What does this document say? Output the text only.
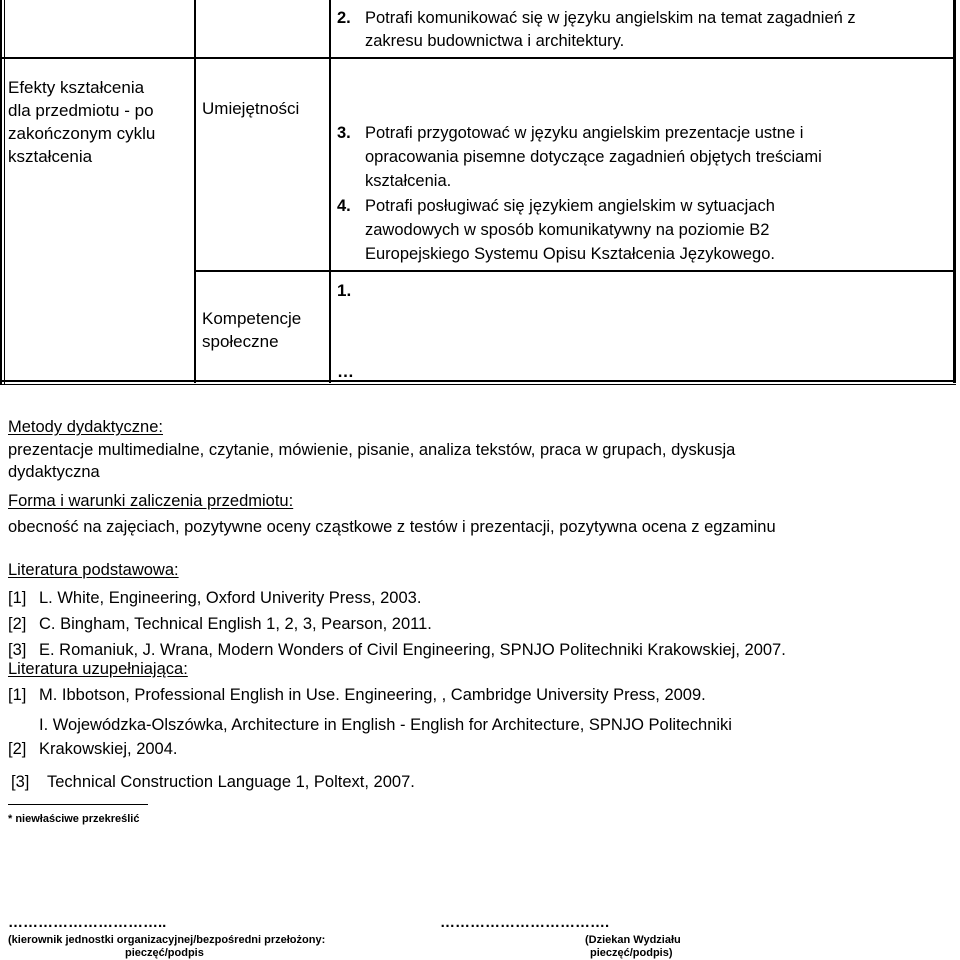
Efekty kształcenia
dla przedmiotu - po
zakończonym cyklu
kształcenia
Umiejętności
Kompetencje
społeczne
2. Potrafi komunikować się w języku angielskim na temat zagadnień z
zakresu budownictwa i architektury.
3. Potrafi przygotować w języku angielskim prezentacje ustne i
opracowania pisemne dotyczące zagadnień objętych treściami
kształcenia.
4. Potrafi posługiwać się językiem angielskim w sytuacjach
zawodowych w sposób komunikatywny na poziomie B2
Europejskiego Systemu Opisu Kształcenia Językowego.
1.
…
Metody dydaktyczne:
prezentacje multimedialne, czytanie, mówienie, pisanie, analiza tekstów, praca w grupach, dyskusja
dydaktyczna
Forma i warunki zaliczenia przedmiotu:
obecność na zajęciach, pozytywne oceny cząstkowe z testów i prezentacji, pozytywna ocena z egzaminu
Literatura podstawowa:
[1] L. White, Engineering, Oxford Univerity Press, 2003.
[2] C. Bingham, Technical English 1, 2, 3, Pearson, 2011.
[3] E. Romaniuk, J. Wrana, Modern Wonders of Civil Engineering, SPNJO Politechniki Krakowskiej, 2007.
Literatura uzupełniająca:
[1] M. Ibbotson, Professional English in Use. Engineering, , Cambridge University Press, 2009.
I. Wojewódzka-Olszówka, Architecture in English - English for Architecture, SPNJO Politechniki
[2] Krakowskiej, 2004.
[3] Technical Construction Language 1, Poltext, 2007.
* niewłaściwe przekreślić
…………………………..
(kierownik jednostki organizacyjnej/bezpośredni przełożony:
pieczęć/podpis
…………………………….
(Dziekan Wydziału
pieczęć/podpis)
